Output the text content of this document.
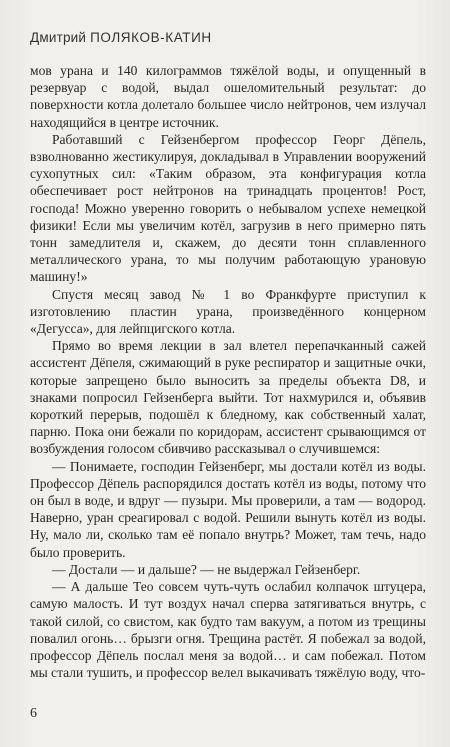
Дмитрий ПОЛЯКОВ-КАТИН

мов урана и 140 килограммов тяжёлой воды, и опущенный в резервуар с водой, выдал ошеломительный результат: до поверхности котла долетало большее число нейтронов, чем излучал находящийся в центре источник.

Работавший с Гейзенбергом профессор Георг Дёпель, взволнованно жестикулируя, докладывал в Управлении вооружений сухопутных сил: «Таким образом, эта конфигурация котла обеспечивает рост нейтронов на тринадцать процентов! Рост, господа! Можно уверенно говорить о небывалом успехе немецкой физики! Если мы увеличим котёл, загрузив в него примерно пять тонн замедлителя и, скажем, до десяти тонн сплавленного металлического урана, то мы получим работающую урановую машину!»

Спустя месяц завод № 1 во Франкфурте приступил к изготовлению пластин урана, произведённого концерном «Дегусса», для лейпцигского котла.

Прямо во время лекции в зал влетел перепачканный сажей ассистент Дёпеля, сжимающий в руке респиратор и защитные очки, которые запрещено было выносить за пределы объекта D8, и знаками попросил Гейзенберга выйти. Тот нахмурился и, объявив короткий перерыв, подошёл к бледному, как собственный халат, парню. Пока они бежали по коридорам, ассистент срывающимся от возбуждения голосом сбивчиво рассказывал о случившемся:

— Понимаете, господин Гейзенберг, мы достали котёл из воды. Профессор Дёпель распорядился достать котёл из воды, потому что он был в воде, и вдруг — пузыри. Мы проверили, а там — водород. Наверно, уран среагировал с водой. Решили вынуть котёл из воды. Ну, мало ли, сколько там её попало внутрь? Может, там течь, надо было проверить.

— Достали — и дальше? — не выдержал Гейзенберг.

— А дальше Тео совсем чуть-чуть ослабил колпачок штуцера, самую малость. И тут воздух начал сперва затягиваться внутрь, с такой силой, со свистом, как будто там вакуум, а потом из трещины повалил огонь… брызги огня. Трещина растёт. Я побежал за водой, профессор Дёпель послал меня за водой… и сам побежал. Потом мы стали тушить, и профессор велел выкачивать тяжёлую воду, что-

6
